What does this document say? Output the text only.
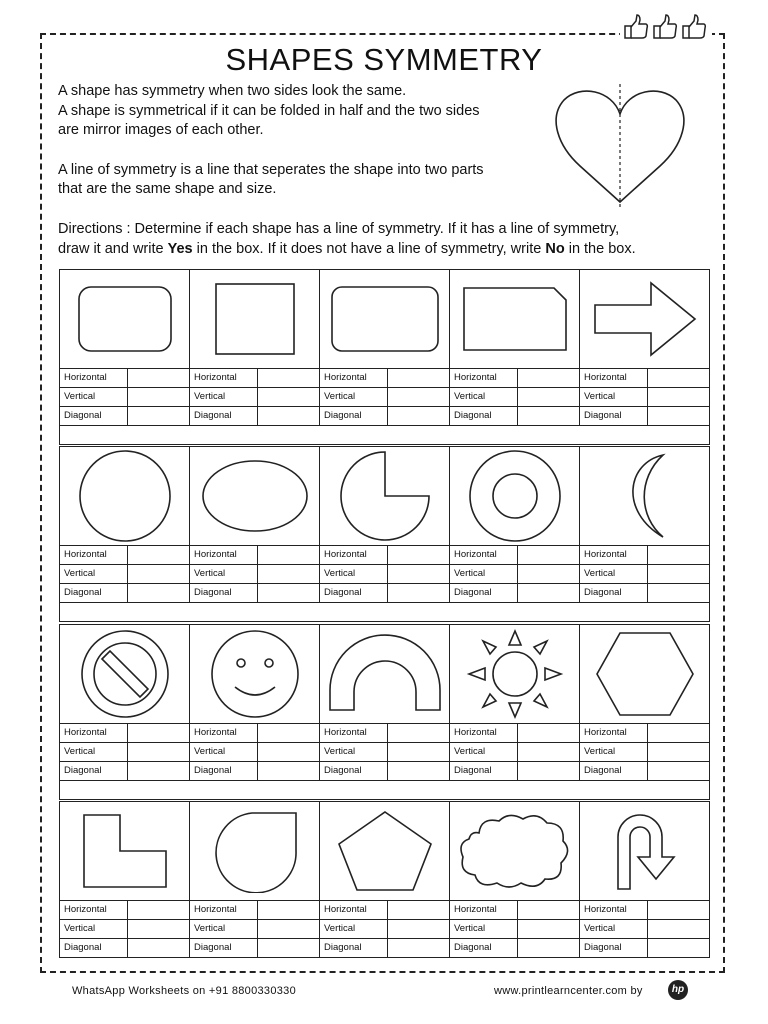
SHAPES SYMMETRY

A shape has symmetry when two sides look the same.

A shape is symmetrical if it can be folded in half and the two sides

are mirror images of each other.

A line of symmetry is a line that seperates the shape into two parts

that are the same shape and size.

Directions : Determine if each shape has a line of symmetry. If it has a line of symmetry,
draw it and write Yes in the box. If it does not have a line of symmetry, write No in the box.
Horizontal
Vertical
Diagonal
Horizontal
Vertical
Diagonal
Horizontal
Vertical
Diagonal
Horizontal
Vertical
Diagonal
Horizontal
Vertical
Diagonal
Horizontal
Vertical
Diagonal
Horizontal
Vertical
Diagonal
Horizontal
Vertical
Diagonal
Horizontal
Vertical
Diagonal
Horizontal
Vertical
Diagonal
Horizontal
Vertical
Diagonal
Horizontal
Vertical
Diagonal
Horizontal
Vertical
Diagonal
Horizontal
Vertical
Diagonal
Horizontal
Vertical
Diagonal
Horizontal
Vertical
Diagonal
Horizontal
Vertical
Diagonal
Horizontal
Vertical
Diagonal
Horizontal
Vertical
Diagonal
Horizontal
Vertical
Diagonal
WhatsApp Worksheets on +91 8800330330	www.printlearncenter.com by	hp
